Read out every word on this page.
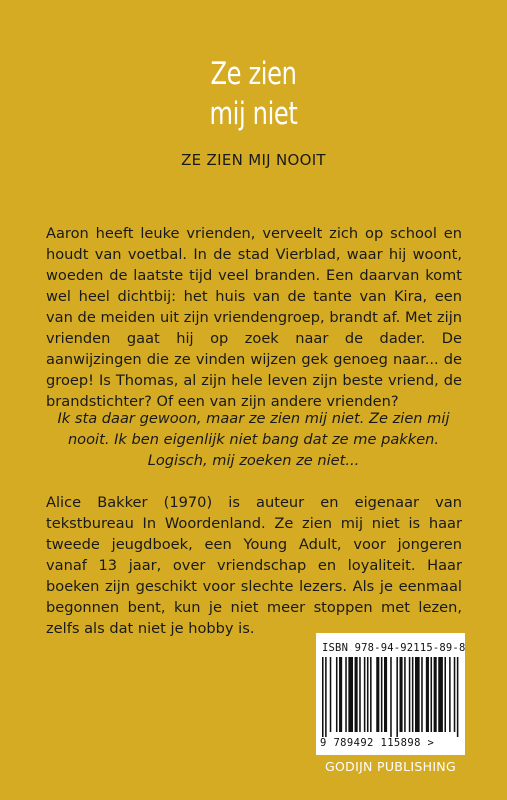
Ze zien
mij niet
ZE ZIEN MIJ NOOIT
Aaron heeft leuke vrienden, verveelt zich op school en houdt van voetbal. In de stad Vierblad, waar hij woont, woeden de laatste tijd veel branden. Een daarvan komt wel heel dichtbij: het huis van de tante van Kira, een van de meiden uit zijn vriendengroep, brandt af. Met zijn vrienden gaat hij op zoek naar de dader. De aanwijzingen die ze vinden wijzen gek genoeg naar... de groep! Is Thomas, al zijn hele leven zijn beste vriend, de brandstichter? Of een van zijn andere vrienden?
Ik sta daar gewoon, maar ze zien mij niet. Ze zien mij nooit. Ik ben eigenlijk niet bang dat ze me pakken. Logisch, mij zoeken ze niet...
Alice Bakker (1970) is auteur en eigenaar van tekstbureau In Woordenland. Ze zien mij niet is haar tweede jeugdboek, een Young Adult, voor jongeren vanaf 13 jaar, over vriendschap en loyaliteit. Haar boeken zijn geschikt voor slechte lezers. Als je eenmaal begonnen bent, kun je niet meer stoppen met lezen, zelfs als dat niet je hobby is.
ISBN 978-94-92115-89-8
9 789492 115898 >
GODIJN PUBLISHING
